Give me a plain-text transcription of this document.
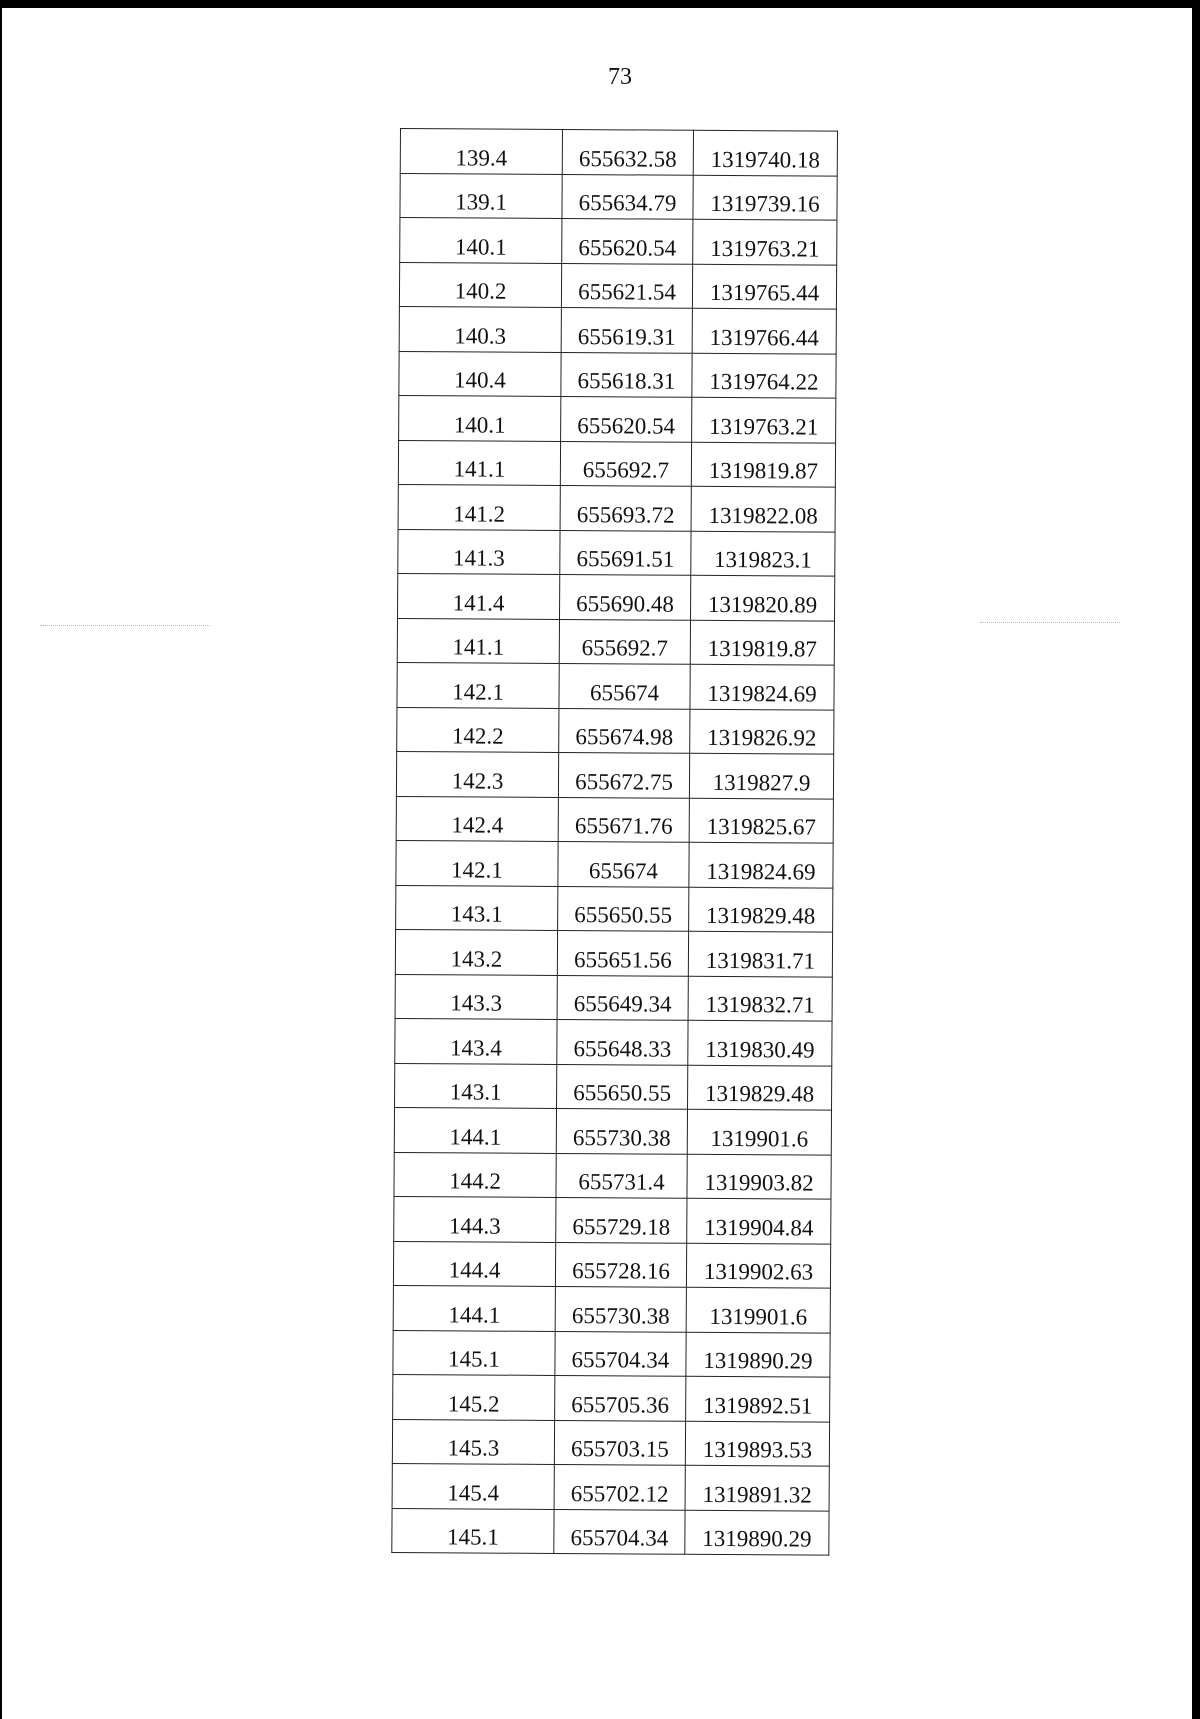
73
139.4	655632.58	1319740.18
139.1	655634.79	1319739.16
140.1	655620.54	1319763.21
140.2	655621.54	1319765.44
140.3	655619.31	1319766.44
140.4	655618.31	1319764.22
140.1	655620.54	1319763.21
141.1	655692.7	1319819.87
141.2	655693.72	1319822.08
141.3	655691.51	1319823.1
141.4	655690.48	1319820.89
141.1	655692.7	1319819.87
142.1	655674	1319824.69
142.2	655674.98	1319826.92
142.3	655672.75	1319827.9
142.4	655671.76	1319825.67
142.1	655674	1319824.69
143.1	655650.55	1319829.48
143.2	655651.56	1319831.71
143.3	655649.34	1319832.71
143.4	655648.33	1319830.49
143.1	655650.55	1319829.48
144.1	655730.38	1319901.6
144.2	655731.4	1319903.82
144.3	655729.18	1319904.84
144.4	655728.16	1319902.63
144.1	655730.38	1319901.6
145.1	655704.34	1319890.29
145.2	655705.36	1319892.51
145.3	655703.15	1319893.53
145.4	655702.12	1319891.32
145.1	655704.34	1319890.29
